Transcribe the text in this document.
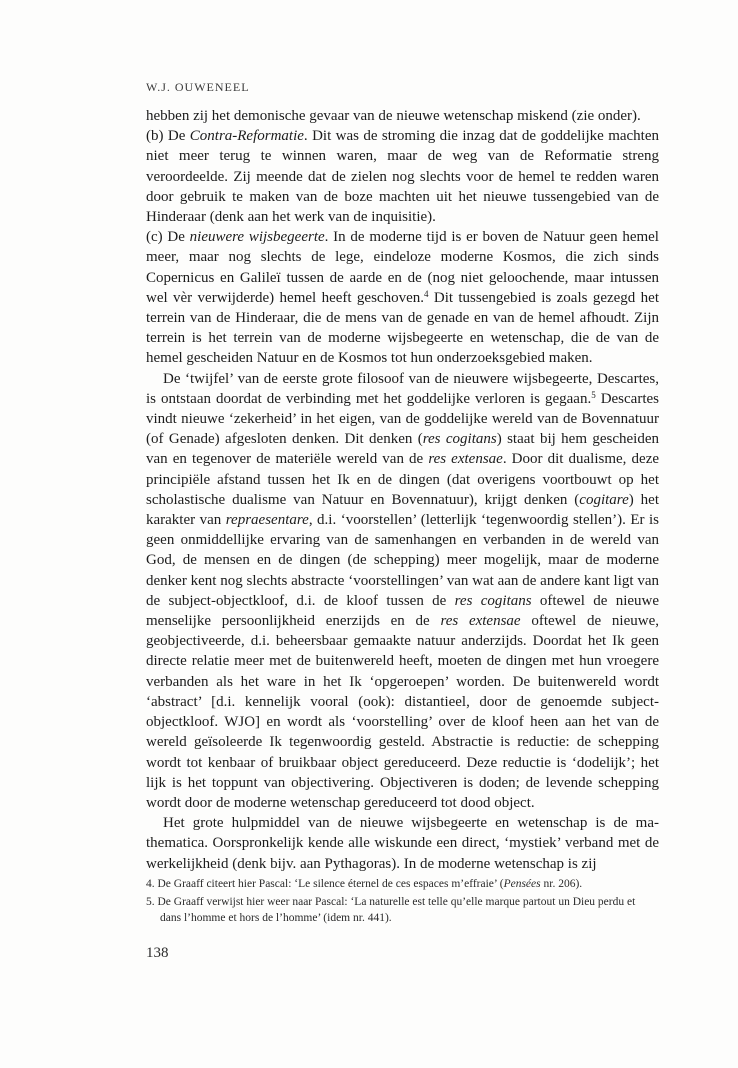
W.J. OUWENEEL

hebben zij het demonische gevaar van de nieuwe wetenschap miskend (zie onder).

(b) De Contra-Reformatie. Dit was de stroming die inzag dat de goddelijke machten niet meer terug te winnen waren, maar de weg van de Reformatie streng veroordeelde. Zij meende dat de zielen nog slechts voor de hemel te redden waren door gebruik te maken van de boze machten uit het nieuwe tussengebied van de Hinderaar (denk aan het werk van de inquisitie).

(c) De nieuwere wijsbegeerte. In de moderne tijd is er boven de Natuur geen hemel meer, maar nog slechts de lege, eindeloze moderne Kosmos, die zich sinds Copernicus en Galileï tussen de aarde en de (nog niet geloochende, maar intussen wel vèr verwijderde) hemel heeft geschoven.$^4$ Dit tussengebied is zoals gezegd het terrein van de Hinderaar, die de mens van de genade en van de hemel afhoudt. Zijn terrein is het terrein van de moderne wijsbegeerte en wetenschap, die de van de hemel gescheiden Natuur en de Kosmos tot hun onderzoeksgebied maken.

De ‘twijfel’ van de eerste grote filosoof van de nieuwere wijsbegeerte, Descartes, is ontstaan doordat de verbinding met het goddelijke verloren is gegaan.$^5$ Descartes vindt nieuwe ‘zekerheid’ in het eigen, van de goddelijke wereld van de Bovennatuur (of Genade) afgesloten denken. Dit denken (res cogitans) staat bij hem gescheiden van en tegenover de materiële wereld van de res extensae. Door dit dualisme, deze principiële afstand tussen het Ik en de dingen (dat overigens voortbouwt op het scholastische dualisme van Natuur en Bovennatuur), krijgt denken (cogitare) het karakter van repraesentare, d.i. ‘voorstellen’ (letterlijk ‘tegenwoordig stellen’). Er is geen onmiddellijke ervaring van de samenhangen en verbanden in de wereld van God, de mensen en de dingen (de schepping) meer mogelijk, maar de moderne denker kent nog slechts abstracte ‘voorstellingen’ van wat aan de andere kant ligt van de subject-objectkloof, d.i. de kloof tussen de res cogitans oftewel de nieuwe menselijke persoonlijkheid enerzijds en de res extensae oftewel de nieuwe, geobjectiveerde, d.i. beheersbaar gemaakte natuur anderzijds. Doordat het Ik geen directe relatie meer met de buitenwereld heeft, moeten de dingen met hun vroegere verbanden als het ware in het Ik ‘opgeroepen’ worden. De buitenwereld wordt ‘abstract’ [d.i. kennelijk vooral (ook): distantieel, door de genoemde subject-objectkloof. WJO] en wordt als ‘voorstelling’ over de kloof heen aan het van de wereld geïsoleerde Ik tegenwoordig gesteld. Abstractie is reductie: de schepping wordt tot kenbaar of bruikbaar object gereduceerd. Deze reductie is ‘dodelijk’; het lijk is het toppunt van objectivering. Objectiveren is doden; de levende schepping wordt door de moderne wetenschap gereduceerd tot dood object.

Het grote hulpmiddel van de nieuwe wijsbegeerte en wetenschap is de mathematica. Oorspronkelijk kende alle wiskunde een direct, ‘mystiek’ verband met de werkelijkheid (denk bijv. aan Pythagoras). In de moderne wetenschap is zij

4. De Graaff citeert hier Pascal: ‘Le silence éternel de ces espaces m’effraie’ (Pensées nr. 206).

5. De Graaff verwijst hier weer naar Pascal: ‘La naturelle est telle qu’elle marque partout un Dieu perdu et dans l’homme et hors de l’homme’ (idem nr. 441).

138
